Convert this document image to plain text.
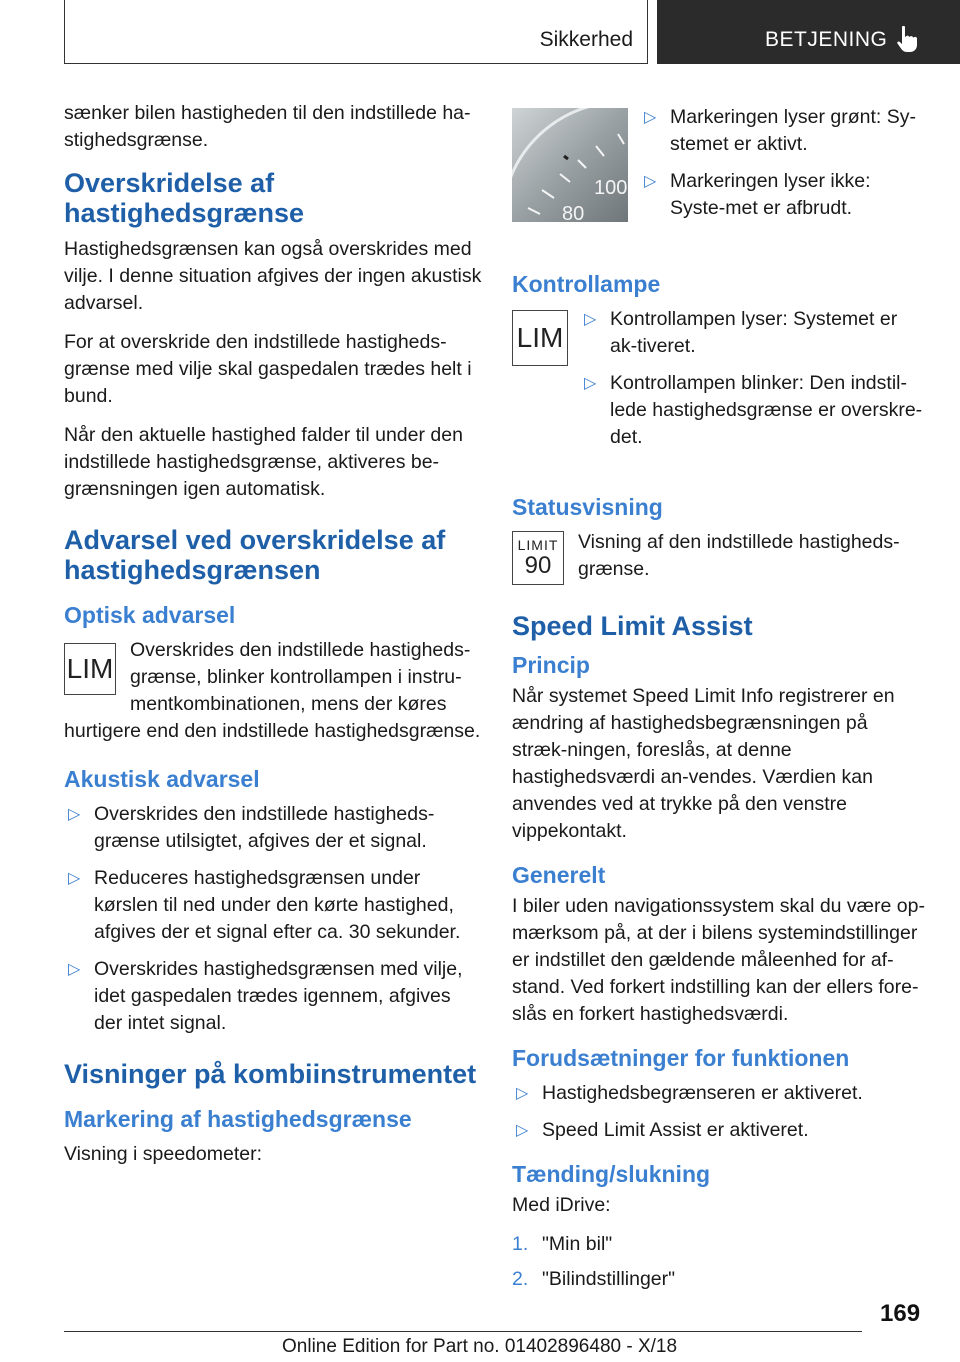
Sikkerhed	BETJENING

sænker bilen hastigheden til den indstillede ha-stighedsgrænse.

Overskridelse af hastighedsgrænse

Hastighedsgrænsen kan også overskrides med vilje. I denne situation afgives der ingen akustisk advarsel.

For at overskride den indstillede hastigheds-grænse med vilje skal gaspedalen trædes helt i bund.

Når den aktuelle hastighed falder til under den indstillede hastighedsgrænse, aktiveres be-grænsningen igen automatisk.

Advarsel ved overskridelse af hastighedsgrænsen
Optisk advarsel
LIM

Overskrides den indstillede hastigheds-grænse, blinker kontrollampen i instru-mentkombinationen, mens der køres hurtigere end den indstillede hastighedsgrænse.

Akustisk advarsel
▷ Overskrides den indstillede hastigheds-grænse utilsigtet, afgives der et signal.
▷ Reduceres hastighedsgrænsen under kørslen til ned under den kørte hastighed, afgives der et signal efter ca. 30 sekunder.
▷ Overskrides hastighedsgrænsen med vilje, idet gaspedalen trædes igennem, afgives der intet signal.
Visninger på kombiinstrumentet
Markering af hastighedsgrænse

Visning i speedometer:

100
80
▷ Markeringen lyser grønt: Sy-stemet er aktivt.
▷ Markeringen lyser ikke: Syste-met er afbrudt.
Kontrollampe
LIM
▷ Kontrollampen lyser: Systemet er ak-tiveret.
▷ Kontrollampen blinker: Den indstil-lede hastighedsgrænse er overskre-det.
Statusvisning
LIMIT
90

Visning af den indstillede hastigheds-grænse.

Speed Limit Assist
Princip

Når systemet Speed Limit Info registrerer en ændring af hastighedsbegrænsningen på stræk-ningen, foreslås, at denne hastighedsværdi an-vendes. Værdien kan anvendes ved at trykke på den venstre vippekontakt.

Generelt

I biler uden navigationssystem skal du være op-mærksom på, at der i bilens systemindstillinger er indstillet den gældende måleenhed for af-stand. Ved forkert indstilling kan der ellers fore-slås en forkert hastighedsværdi.

Forudsætninger for funktionen
▷ Hastighedsbegrænseren er aktiveret.
▷ Speed Limit Assist er aktiveret.
Tænding/slukning

Med iDrive:

1. "Min bil"
2. "Bilindstillinger"
169
Online Edition for Part no. 01402896480 - X/18
